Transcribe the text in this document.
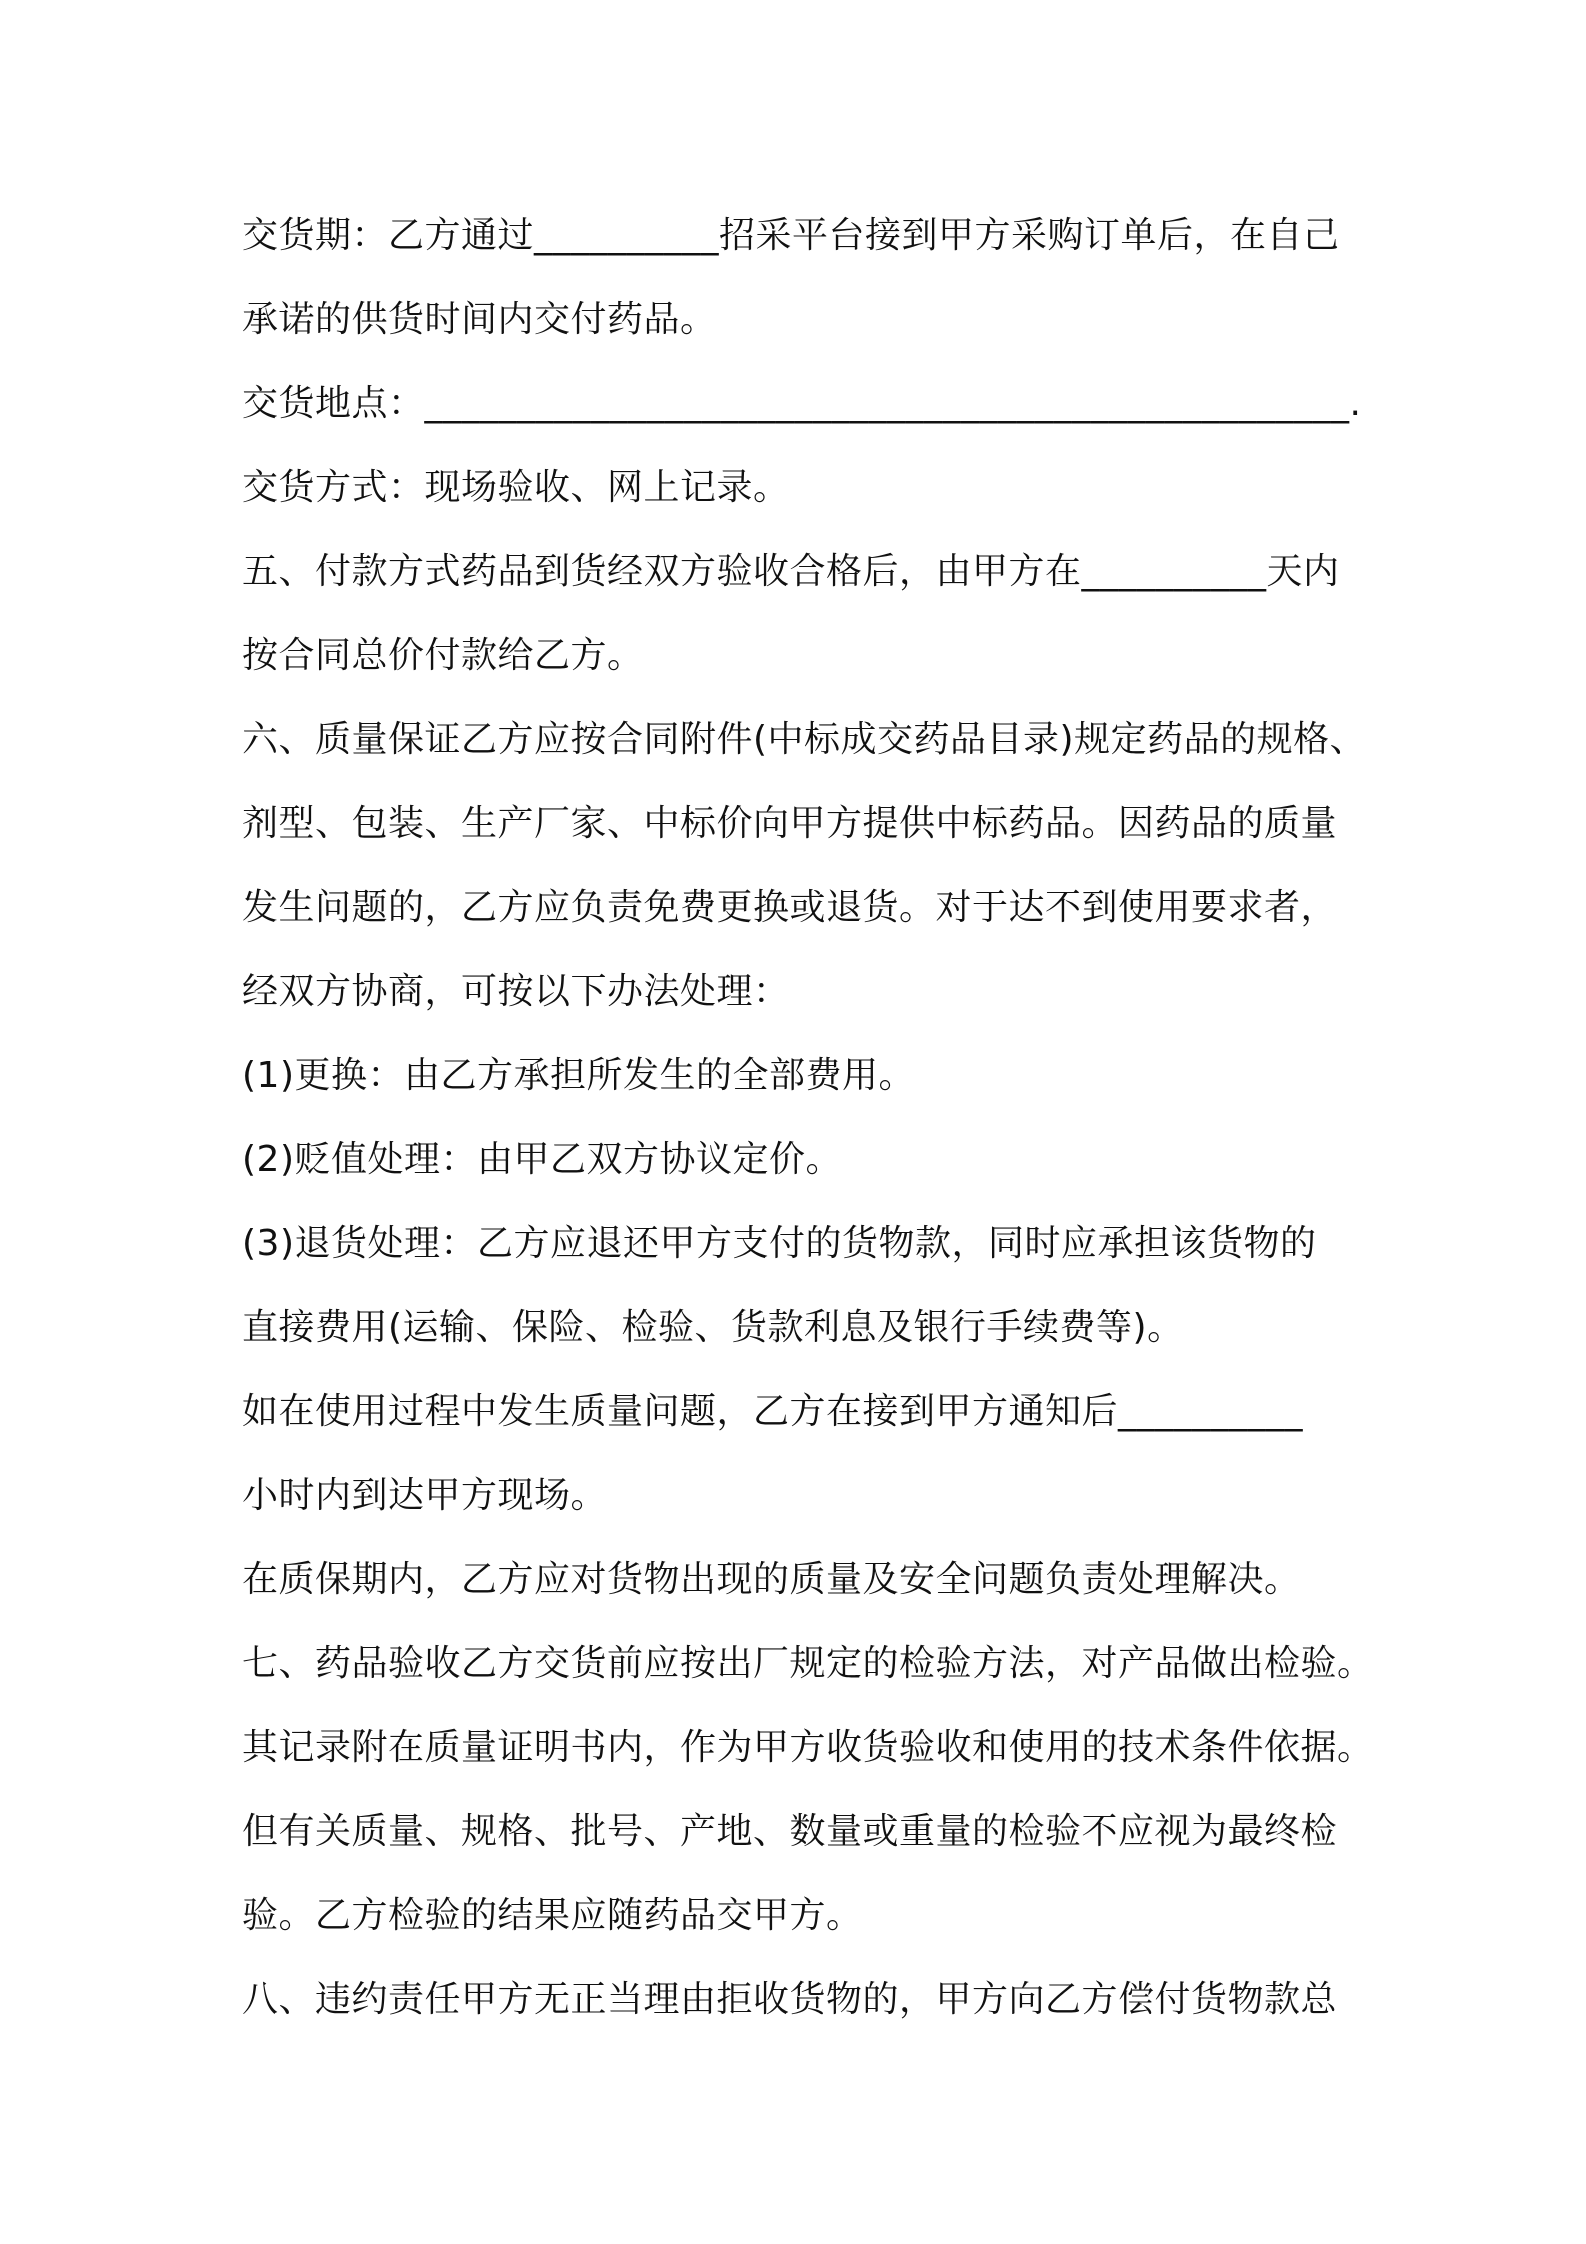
交货期：乙方通过__________招采平台接到甲方采购订单后，在自己
承诺的供货时间内交付药品。
交货地点：__________________________________________________.
交货方式：现场验收、网上记录。
五、付款方式药品到货经双方验收合格后，由甲方在__________天内
按合同总价付款给乙方。
六、质量保证乙方应按合同附件(中标成交药品目录)规定药品的规格、
剂型、包装、生产厂家、中标价向甲方提供中标药品。因药品的质量
发生问题的，乙方应负责免费更换或退货。对于达不到使用要求者，
经双方协商，可按以下办法处理：
(1)更换：由乙方承担所发生的全部费用。
(2)贬值处理：由甲乙双方协议定价。
(3)退货处理：乙方应退还甲方支付的货物款，同时应承担该货物的
直接费用(运输、保险、检验、货款利息及银行手续费等)。
如在使用过程中发生质量问题，乙方在接到甲方通知后__________
小时内到达甲方现场。
在质保期内，乙方应对货物出现的质量及安全问题负责处理解决。
七、药品验收乙方交货前应按出厂规定的检验方法，对产品做出检验。
其记录附在质量证明书内，作为甲方收货验收和使用的技术条件依据。
但有关质量、规格、批号、产地、数量或重量的检验不应视为最终检
验。乙方检验的结果应随药品交甲方。
八、违约责任甲方无正当理由拒收货物的，甲方向乙方偿付货物款总
